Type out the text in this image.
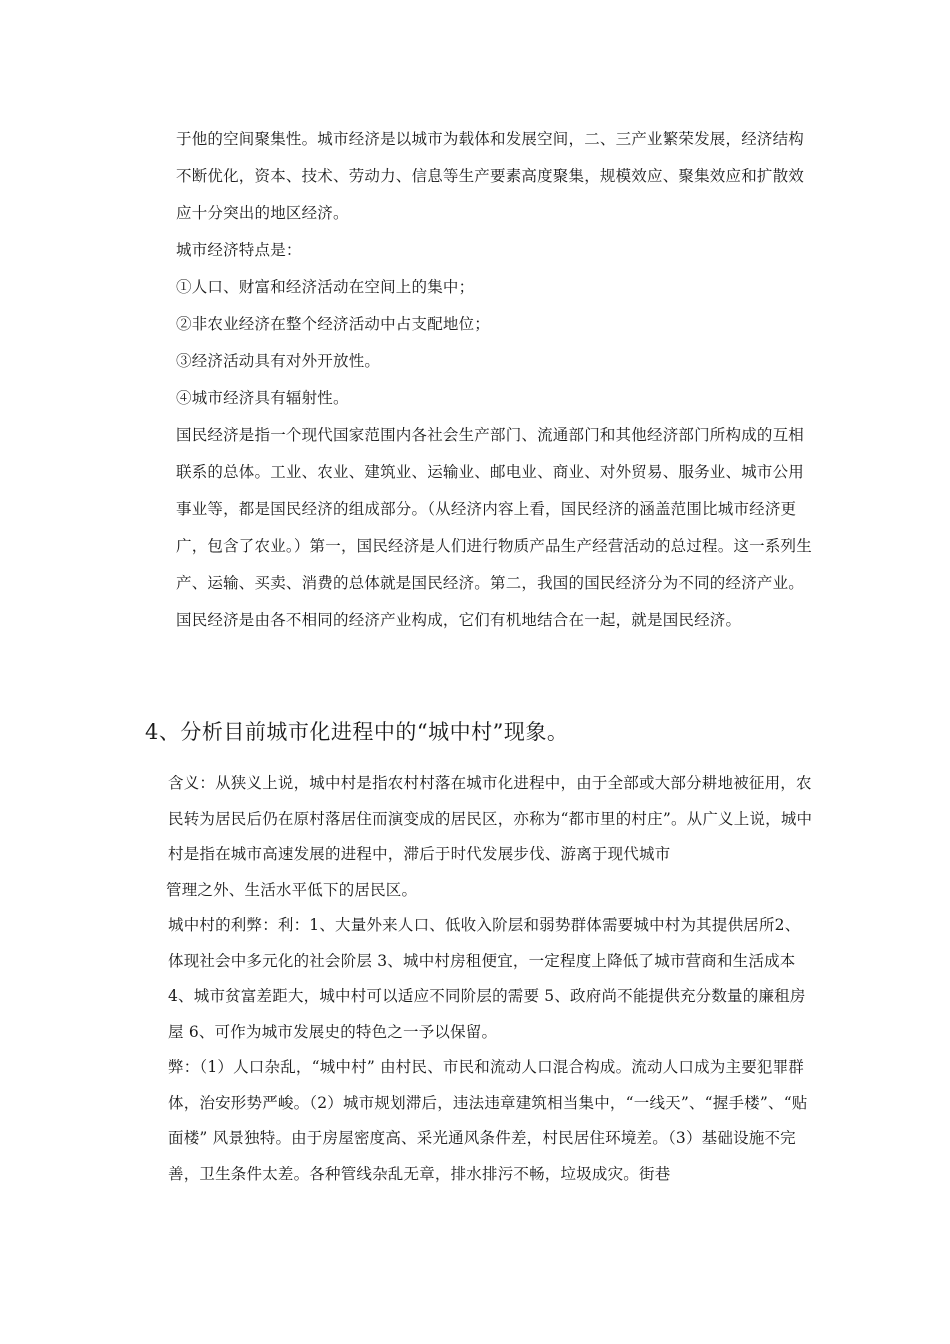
于他的空间聚集性。城市经济是以城市为载体和发展空间，二、三产业繁荣发展，经济结构不断优化，资本、技术、劳动力、信息等生产要素高度聚集，规模效应、聚集效应和扩散效应十分突出的地区经济。

城市经济特点是：

①人口、财富和经济活动在空间上的集中；

②非农业经济在整个经济活动中占支配地位；

③经济活动具有对外开放性。

④城市经济具有辐射性。

国民经济是指一个现代国家范围内各社会生产部门、流通部门和其他经济部门所构成的互相联系的总体。工业、农业、建筑业、运输业、邮电业、商业、对外贸易、服务业、城市公用事业等，都是国民经济的组成部分。（从经济内容上看，国民经济的涵盖范围比城市经济更广，包含了农业。）第一，国民经济是人们进行物质产品生产经营活动的总过程。这一系列生产、运输、买卖、消费的总体就是国民经济。第二，我国的国民经济分为不同的经济产业。国民经济是由各不相同的经济产业构成，它们有机地结合在一起，就是国民经济。

4、分析目前城市化进程中的“城中村”现象。

含义：从狭义上说，城中村是指农村村落在城市化进程中，由于全部或大部分耕地被征用，农民转为居民后仍在原村落居住而演变成的居民区，亦称为“都市里的村庄”。从广义上说，城中村是指在城市高速发展的进程中，滞后于时代发展步伐、游离于现代城市

管理之外、生活水平低下的居民区。

城中村的利弊：利：1、大量外来人口、低收入阶层和弱势群体需要城中村为其提供居所2、体现社会中多元化的社会阶层 3、城中村房租便宜，一定程度上降低了城市营商和生活成本 4、城市贫富差距大，城中村可以适应不同阶层的需要 5、政府尚不能提供充分数量的廉租房屋 6、可作为城市发展史的特色之一予以保留。

弊：（1）人口杂乱，“城中村” 由村民、市民和流动人口混合构成。流动人口成为主要犯罪群体，治安形势严峻。（2）城市规划滞后，违法违章建筑相当集中，“一线天”、“握手楼”、“贴面楼” 风景独特。由于房屋密度高、采光通风条件差，村民居住环境差。（3）基础设施不完善，卫生条件太差。各种管线杂乱无章，排水排污不畅，垃圾成灾。街巷
